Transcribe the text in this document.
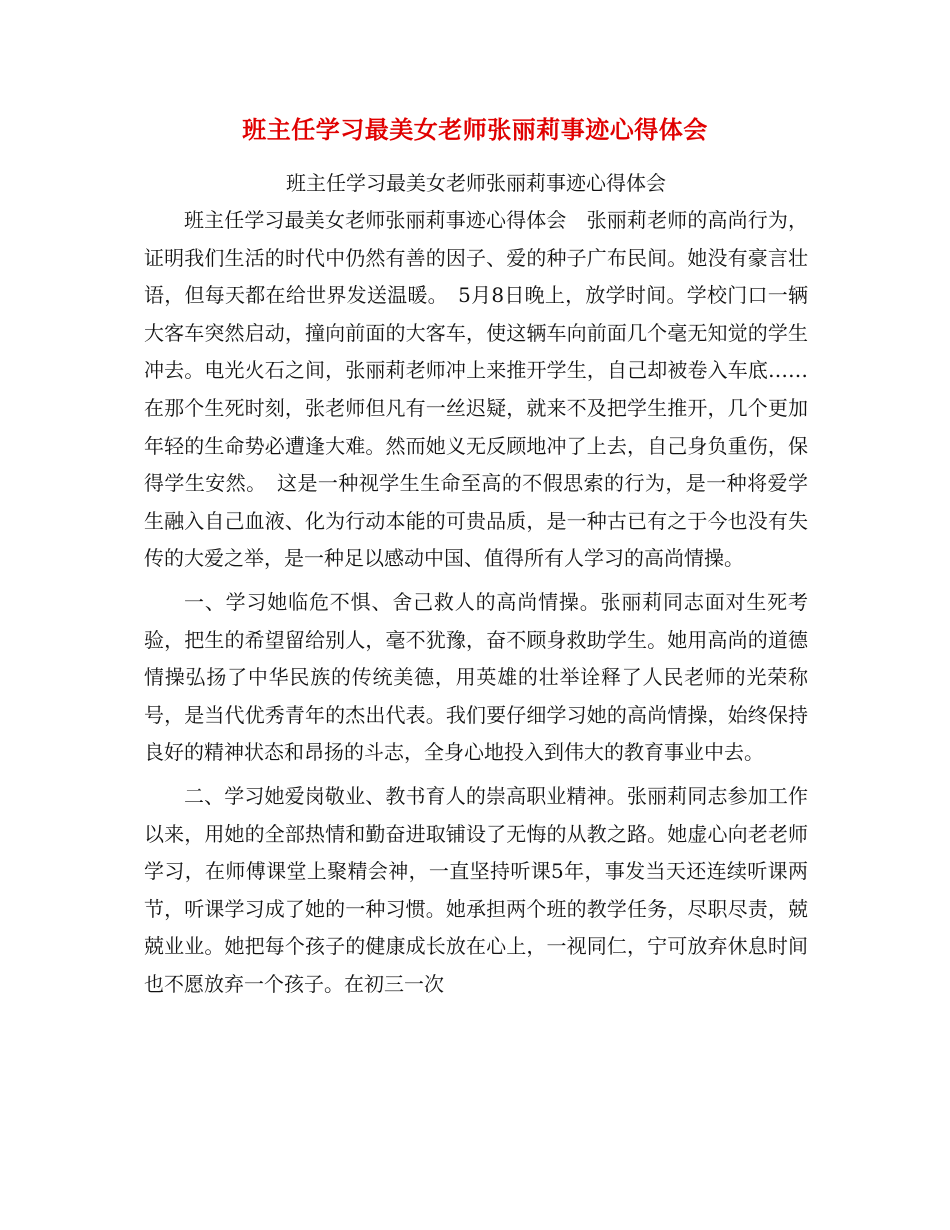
班主任学习最美女老师张丽莉事迹心得体会

班主任学习最美女老师张丽莉事迹心得体会

班主任学习最美女老师张丽莉事迹心得体会　张丽莉老师的高尚行为，证明我们生活的时代中仍然有善的因子、爱的种子广布民间。她没有豪言壮语，但每天都在给世界发送温暖。　5月8日晚上，放学时间。学校门口一辆大客车突然启动，撞向前面的大客车，使这辆车向前面几个毫无知觉的学生冲去。电光火石之间，张丽莉老师冲上来推开学生，自己却被卷入车底……在那个生死时刻，张老师但凡有一丝迟疑，就来不及把学生推开，几个更加年轻的生命势必遭逢大难。然而她义无反顾地冲了上去，自己身负重伤，保得学生安然。　这是一种视学生生命至高的不假思索的行为，是一种将爱学生融入自己血液、化为行动本能的可贵品质，是一种古已有之于今也没有失传的大爱之举，是一种足以感动中国、值得所有人学习的高尚情操。

一、学习她临危不惧、舍己救人的高尚情操。张丽莉同志面对生死考验，把生的希望留给别人，毫不犹豫，奋不顾身救助学生。她用高尚的道德情操弘扬了中华民族的传统美德，用英雄的壮举诠释了人民老师的光荣称号，是当代优秀青年的杰出代表。我们要仔细学习她的高尚情操，始终保持良好的精神状态和昂扬的斗志，全身心地投入到伟大的教育事业中去。

二、学习她爱岗敬业、教书育人的崇高职业精神。张丽莉同志参加工作以来，用她的全部热情和勤奋进取铺设了无悔的从教之路。她虚心向老老师学习，在师傅课堂上聚精会神，一直坚持听课5年，事发当天还连续听课两节，听课学习成了她的一种习惯。她承担两个班的教学任务，尽职尽责，兢兢业业。她把每个孩子的健康成长放在心上，一视同仁，宁可放弃休息时间也不愿放弃一个孩子。在初三一次
